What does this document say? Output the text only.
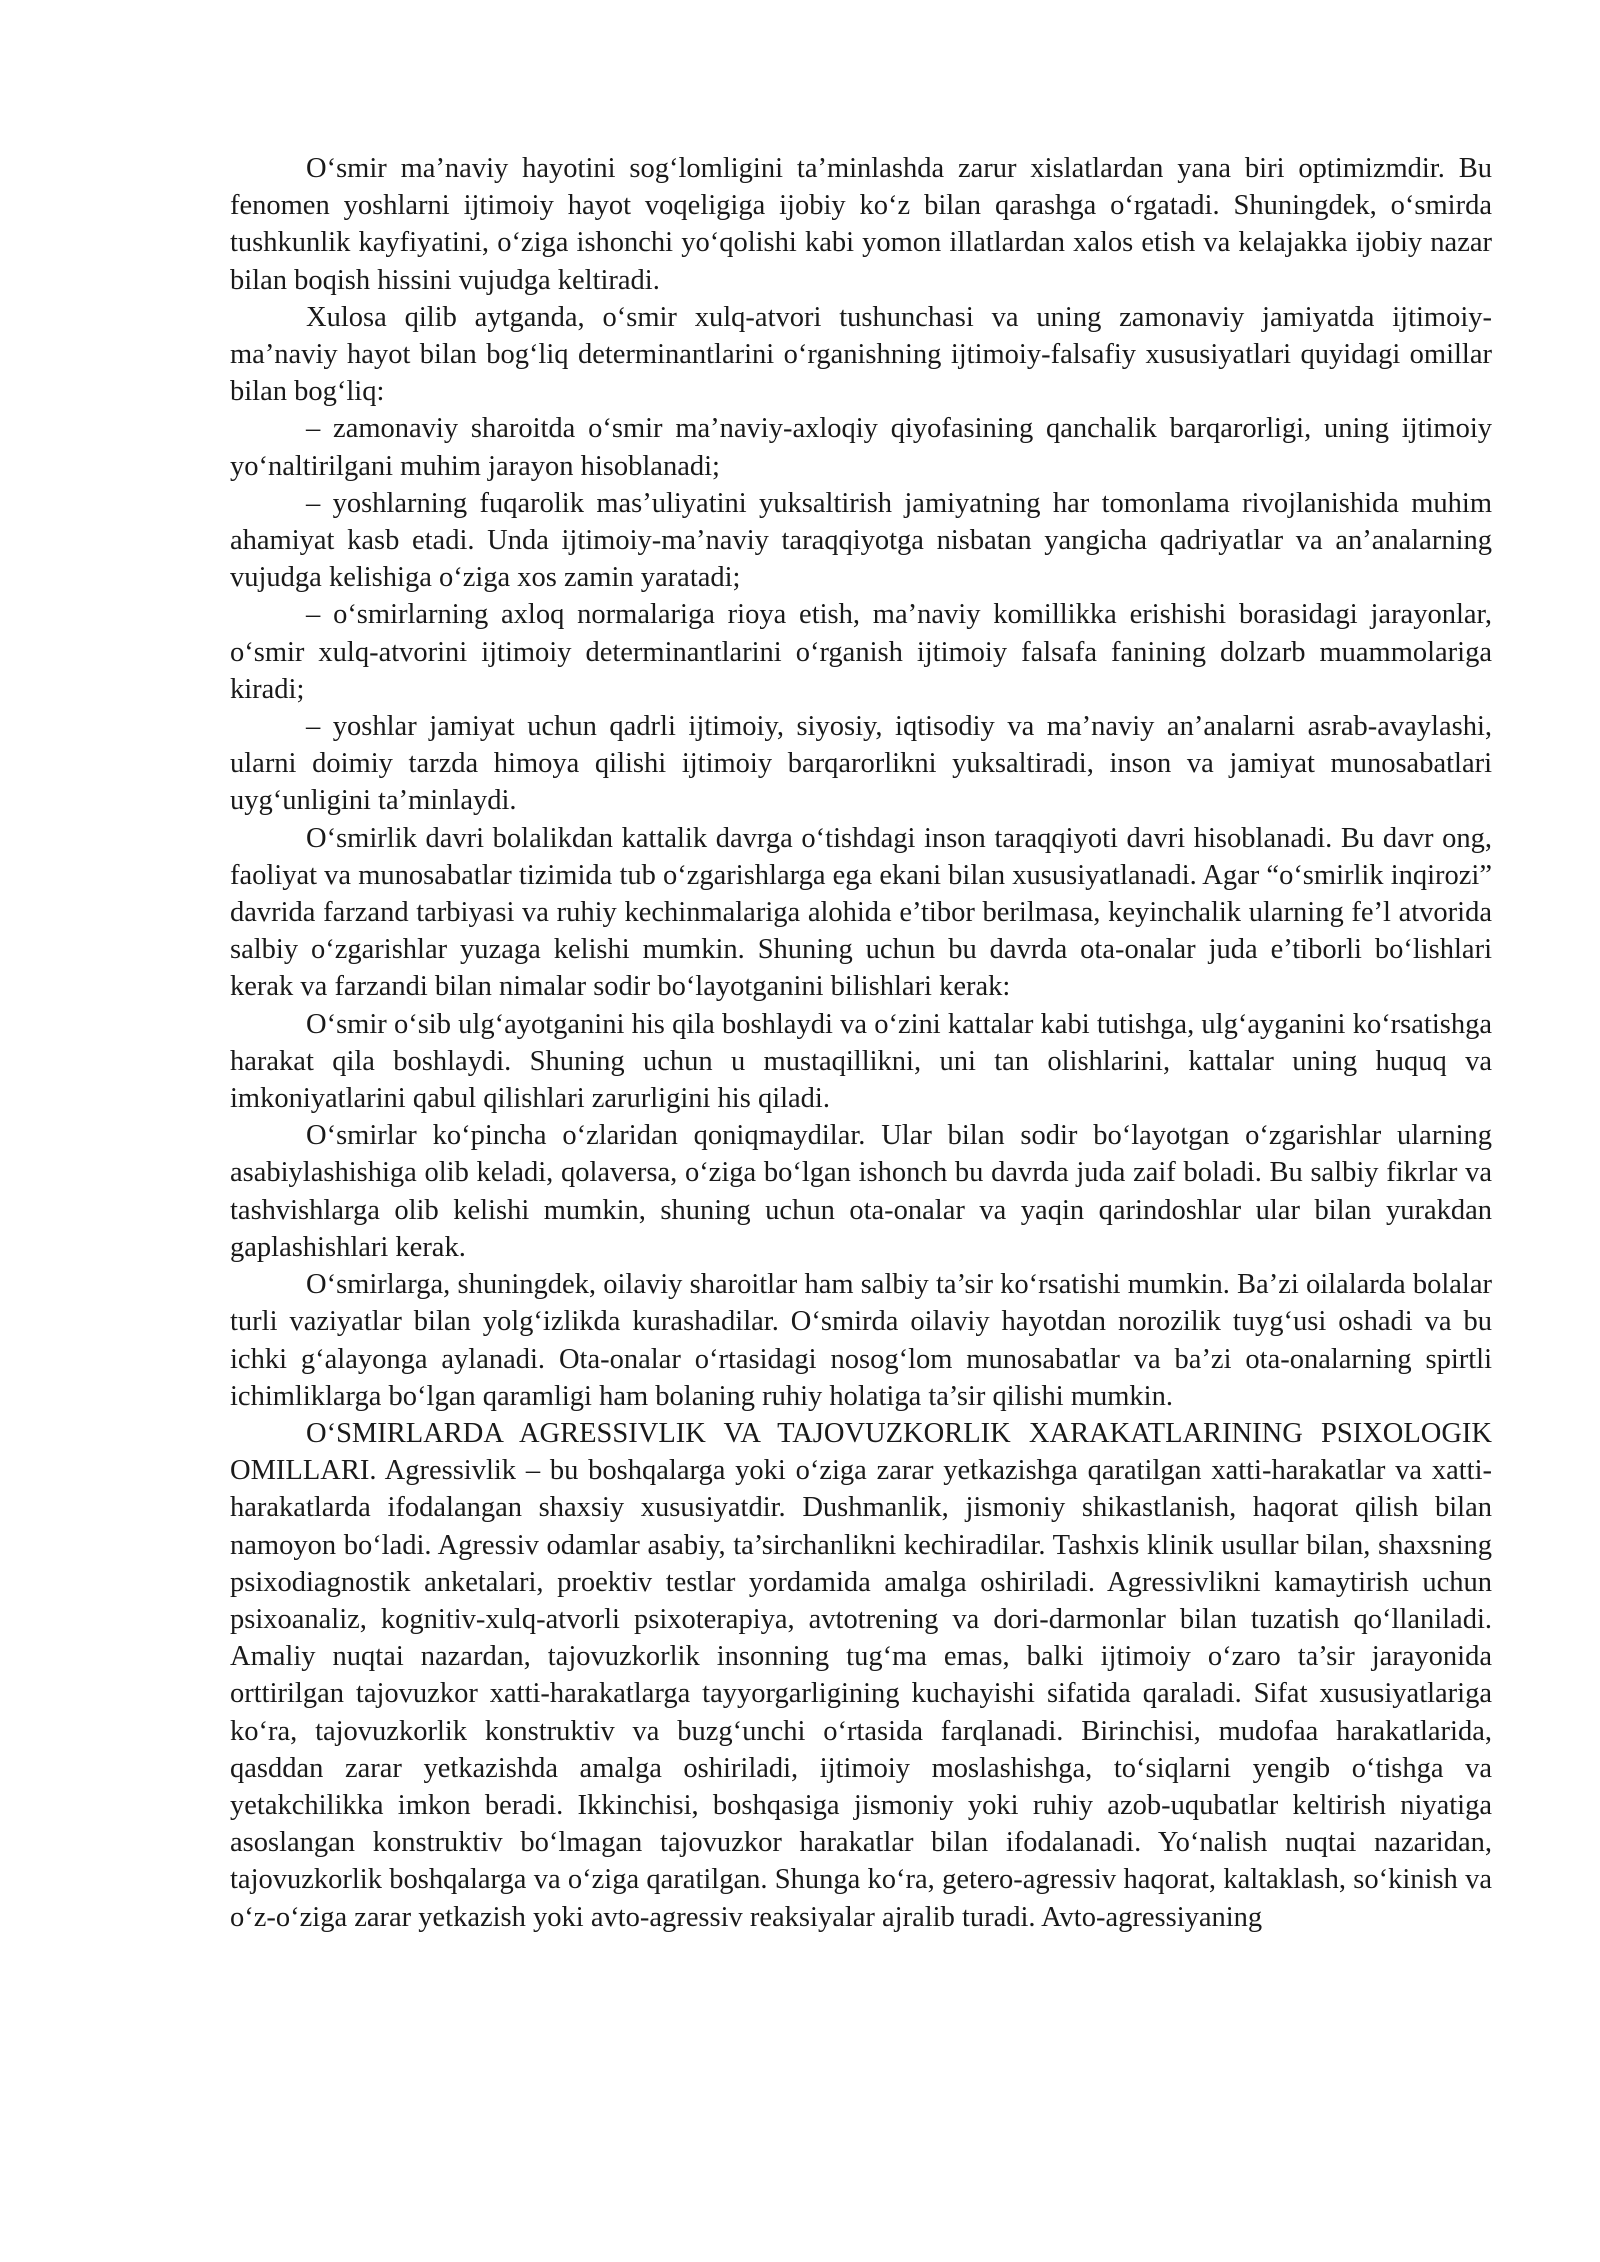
O‘smir ma’naviy hayotini sog‘lomligini ta’minlashda zarur xislatlardan yana biri optimizmdir. Bu fenomen yoshlarni ijtimoiy hayot voqeligiga ijobiy ko‘z bilan qarashga o‘rgatadi. Shuningdek, o‘smirda tushkunlik kayfiyatini, o‘ziga ishonchi yo‘qolishi kabi yomon illatlardan xalos etish va kelajakka ijobiy nazar bilan boqish hissini vujudga keltiradi.

Xulosa qilib aytganda, o‘smir xulq-atvori tushunchasi va uning zamonaviy jamiyatda ijtimoiy-ma’naviy hayot bilan bog‘liq determinantlarini o‘rganishning ijtimoiy-falsafiy xususiyatlari quyidagi omillar bilan bog‘liq:

– zamonaviy sharoitda o‘smir ma’naviy-axloqiy qiyofasining qanchalik barqarorligi, uning ijtimoiy yo‘naltirilgani muhim jarayon hisoblanadi;

– yoshlarning fuqarolik mas’uliyatini yuksaltirish jamiyatning har tomonlama rivojlanishida muhim ahamiyat kasb etadi. Unda ijtimoiy-ma’naviy taraqqiyotga nisbatan yangicha qadriyatlar va an’analarning vujudga kelishiga o‘ziga xos zamin yaratadi;

– o‘smirlarning axloq normalariga rioya etish, ma’naviy komillikka erishishi borasidagi jarayonlar, o‘smir xulq-atvorini ijtimoiy determinantlarini o‘rganish ijtimoiy falsafa fanining dolzarb muammolariga kiradi;

– yoshlar jamiyat uchun qadrli ijtimoiy, siyosiy, iqtisodiy va ma’naviy an’analarni asrab-avaylashi, ularni doimiy tarzda himoya qilishi ijtimoiy barqarorlikni yuksaltiradi, inson va jamiyat munosabatlari uyg‘unligini ta’minlaydi.

O‘smirlik davri bolalikdan kattalik davrga o‘tishdagi inson taraqqiyoti davri hisoblanadi. Bu davr ong, faoliyat va munosabatlar tizimida tub o‘zgarishlarga ega ekani bilan xususiyatlanadi. Agar “o‘smirlik inqirozi” davrida farzand tarbiyasi va ruhiy kechinmalariga alohida e’tibor berilmasa, keyinchalik ularning fe’l atvorida salbiy o‘zgarishlar yuzaga kelishi mumkin. Shuning uchun bu davrda ota-onalar juda e’tiborli bo‘lishlari kerak va farzandi bilan nimalar sodir bo‘layotganini bilishlari kerak:

O‘smir o‘sib ulg‘ayotganini his qila boshlaydi va o‘zini kattalar kabi tutishga, ulg‘ayganini ko‘rsatishga harakat qila boshlaydi. Shuning uchun u mustaqillikni, uni tan olishlarini, kattalar uning huquq va imkoniyatlarini qabul qilishlari zarurligini his qiladi.

O‘smirlar ko‘pincha o‘zlaridan qoniqmaydilar. Ular bilan sodir bo‘layotgan o‘zgarishlar ularning asabiylashishiga olib keladi, qolaversa, o‘ziga bo‘lgan ishonch bu davrda juda zaif boladi. Bu salbiy fikrlar va tashvishlarga olib kelishi mumkin, shuning uchun ota-onalar va yaqin qarindoshlar ular bilan yurakdan gaplashishlari kerak.

O‘smirlarga, shuningdek, oilaviy sharoitlar ham salbiy ta’sir ko‘rsatishi mumkin. Ba’zi oilalarda bolalar turli vaziyatlar bilan yolg‘izlikda kurashadilar. O‘smirda oilaviy hayotdan norozilik tuyg‘usi oshadi va bu ichki g‘alayonga aylanadi. Ota-onalar o‘rtasidagi nosog‘lom munosabatlar va ba’zi ota-onalarning spirtli ichimliklarga bo‘lgan qaramligi ham bolaning ruhiy holatiga ta’sir qilishi mumkin.

O‘SMIRLARDA AGRESSIVLIK VA TAJOVUZKORLIK XARAKATLARINING PSIXOLOGIK OMILLARI. Agressivlik – bu boshqalarga yoki o‘ziga zarar yetkazishga qaratilgan xatti-harakatlar va xatti-harakatlarda ifodalangan shaxsiy xususiyatdir. Dushmanlik, jismoniy shikastlanish, haqorat qilish bilan namoyon bo‘ladi. Agressiv odamlar asabiy, ta’sirchanlikni kechiradilar. Tashxis klinik usullar bilan, shaxsning psixodiagnostik anketalari, proektiv testlar yordamida amalga oshiriladi. Agressivlikni kamaytirish uchun psixoanaliz, kognitiv-xulq-atvorli psixoterapiya, avtotrening va dori-darmonlar bilan tuzatish qo‘llaniladi. Amaliy nuqtai nazardan, tajovuzkorlik insonning tug‘ma emas, balki ijtimoiy o‘zaro ta’sir jarayonida orttirilgan tajovuzkor xatti-harakatlarga tayyorgarligining kuchayishi sifatida qaraladi. Sifat xususiyatlariga ko‘ra, tajovuzkorlik konstruktiv va buzg‘unchi o‘rtasida farqlanadi. Birinchisi, mudofaa harakatlarida, qasddan zarar yetkazishda amalga oshiriladi, ijtimoiy moslashishga, to‘siqlarni yengib o‘tishga va yetakchilikka imkon beradi. Ikkinchisi, boshqasiga jismoniy yoki ruhiy azob-uqubatlar keltirish niyatiga asoslangan konstruktiv bo‘lmagan tajovuzkor harakatlar bilan ifodalanadi. Yo‘nalish nuqtai nazaridan, tajovuzkorlik boshqalarga va o‘ziga qaratilgan. Shunga ko‘ra, getero-agressiv haqorat, kaltaklash, so‘kinish va o‘z-o‘ziga zarar yetkazish yoki avto-agressiv reaksiyalar ajralib turadi. Avto-agressiyaning
